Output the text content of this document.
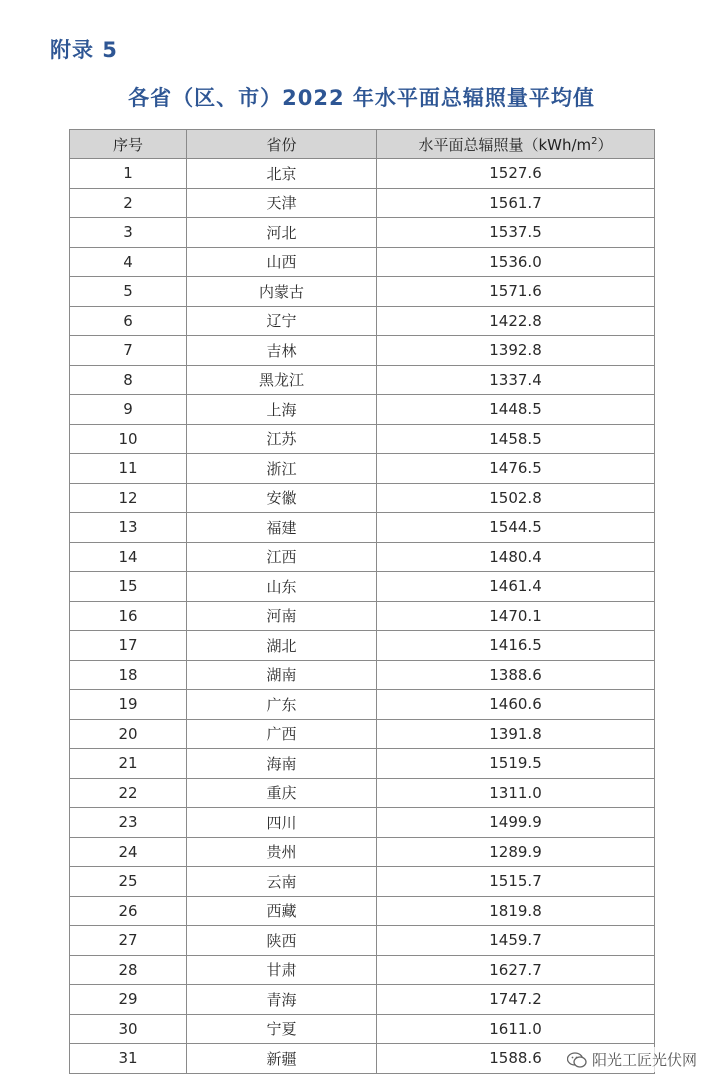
附录 5
各省（区、市）2022 年水平面总辐照量平均值
序号	省份	水平面总辐照量$(kWh/m^2)$
1	北京	1527.6
2	天津	1561.7
3	河北	1537.5
4	山西	1536.0
5	内蒙古	1571.6
6	辽宁	1422.8
7	吉林	1392.8
8	黑龙江	1337.4
9	上海	1448.5
10	江苏	1458.5
11	浙江	1476.5
12	安徽	1502.8
13	福建	1544.5
14	江西	1480.4
15	山东	1461.4
16	河南	1470.1
17	湖北	1416.5
18	湖南	1388.6
19	广东	1460.6
20	广西	1391.8
21	海南	1519.5
22	重庆	1311.0
23	四川	1499.9
24	贵州	1289.9
25	云南	1515.7
26	西藏	1819.8
27	陕西	1459.7
28	甘肃	1627.7
29	青海	1747.2
30	宁夏	1611.0
31	新疆	1588.6	阳光工匠光伏网
